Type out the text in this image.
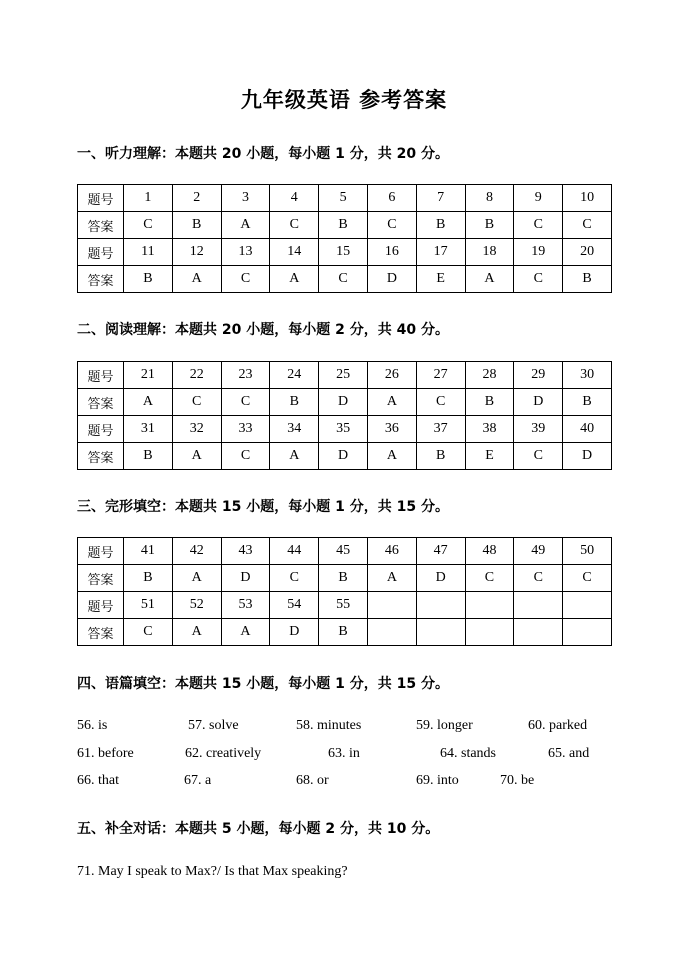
九年级英语 参考答案
一、听力理解：本题共 20 小题，每小题 1 分，共 20 分。
题号	1	2	3	4	5	6	7	8	9	10
答案	C	B	A	C	B	C	B	B	C	C
题号	11	12	13	14	15	16	17	18	19	20
答案	B	A	C	A	C	D	E	A	C	B
二、阅读理解：本题共 20 小题，每小题 2 分，共 40 分。
题号	21	22	23	24	25	26	27	28	29	30
答案	A	C	C	B	D	A	C	B	D	B
题号	31	32	33	34	35	36	37	38	39	40
答案	B	A	C	A	D	A	B	E	C	D
三、完形填空：本题共 15 小题，每小题 1 分，共 15 分。
题号	41	42	43	44	45	46	47	48	49	50
答案	B	A	D	C	B	A	D	C	C	C
题号	51	52	53	54	55					
答案	C	A	A	D	B					
四、语篇填空：本题共 15 小题，每小题 1 分，共 15 分。
56. is	57. solve	58. minutes	59. longer	60. parked
61. before	62. creatively	63. in	64. stands	65. and
66. that	67. a	68. or	69. into	70. be
五、补全对话：本题共 5 小题，每小题 2 分，共 10 分。
71. May I speak to Max?/ Is that Max speaking?
